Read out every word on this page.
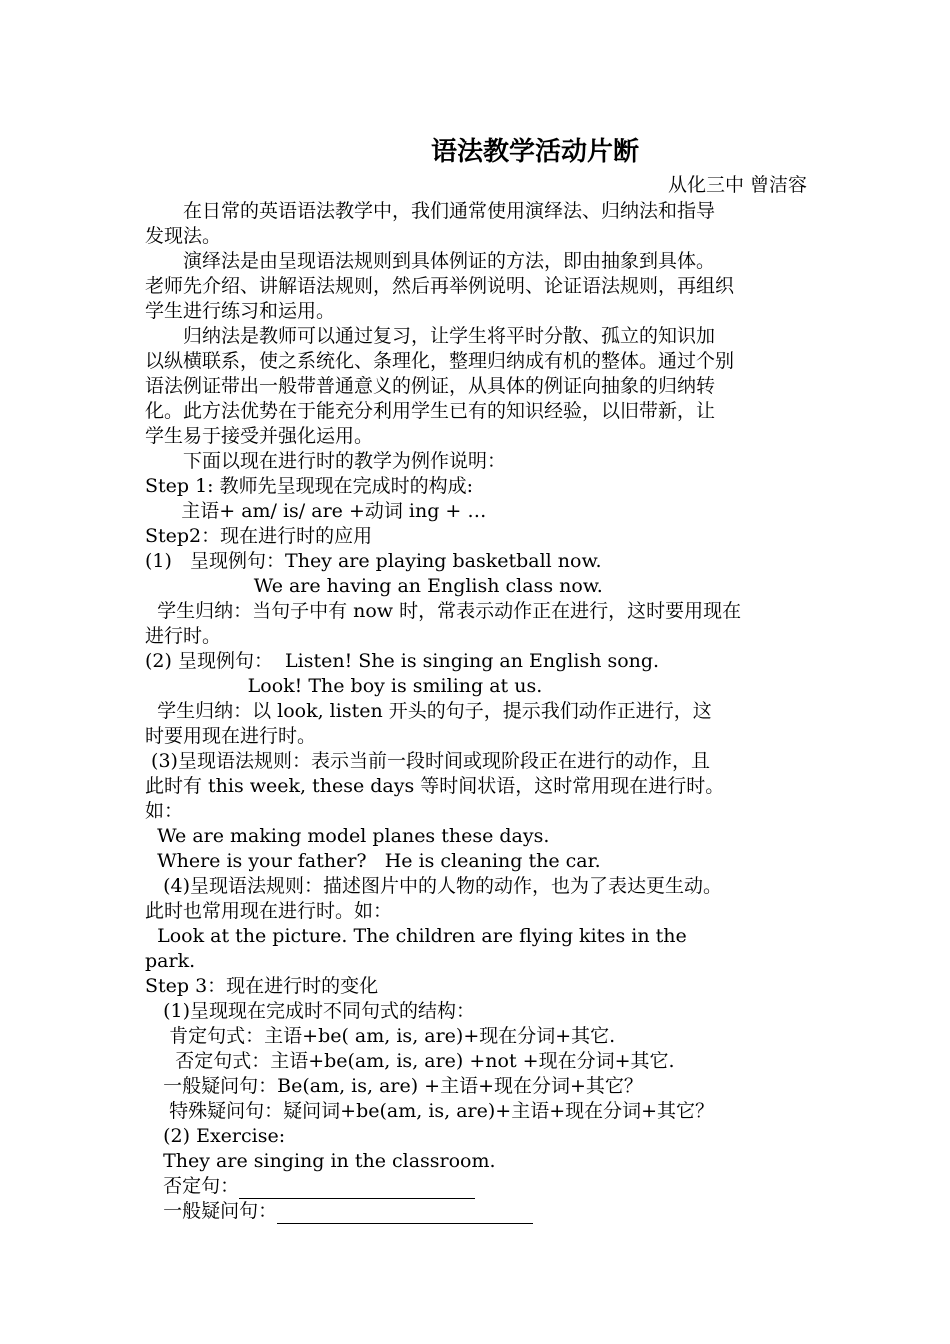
语法教学活动片断
从化三中 曾洁容
　　在日常的英语语法教学中，我们通常使用演绎法、归纳法和指导
发现法。
　　演绎法是由呈现语法规则到具体例证的方法，即由抽象到具体。
老师先介绍、讲解语法规则，然后再举例说明、论证语法规则，再组织
学生进行练习和运用。
　　归纳法是教师可以通过复习，让学生将平时分散、孤立的知识加
以纵横联系，使之系统化、条理化，整理归纳成有机的整体。通过个别
语法例证带出一般带普通意义的例证，从具体的例证向抽象的归纳转
化。此方法优势在于能充分利用学生已有的知识经验，以旧带新，让
学生易于接受并强化运用。
　　下面以现在进行时的教学为例作说明：
Step 1: 教师先呈现现在完成时的构成:
主语+ am/ is/ are +动词 ing + …
Step2：现在进行时的应用
(1)   呈现例句：They are playing basketball now.
We are having an English class now.
学生归纳：当句子中有 now 时，常表示动作正在进行，这时要用现在
进行时。
(2) 呈现例句：  Listen! She is singing an English song.
Look! The boy is smiling at us.
学生归纳：以 look, listen 开头的句子，提示我们动作正进行，这
时要用现在进行时。
(3)呈现语法规则：表示当前一段时间或现阶段正在进行的动作，且
此时有 this week, these days 等时间状语，这时常用现在进行时。
如：
We are making model planes these days.
Where is your father?   He is cleaning the car.
(4)呈现语法规则：描述图片中的人物的动作，也为了表达更生动。
此时也常用现在进行时。如：
Look at the picture. The children are flying kites in the
park.
Step 3：现在进行时的变化
(1)呈现现在完成时不同句式的结构：
肯定句式：主语+be( am, is, are)+现在分词+其它.
否定句式：主语+be(am, is, are) +not +现在分词+其它.
一般疑问句：Be(am, is, are) +主语+现在分词+其它？
特殊疑问句：疑问词+be(am, is, are)+主语+现在分词+其它？
(2) Exercise:
They are singing in the classroom.
否定句：
一般疑问句：
